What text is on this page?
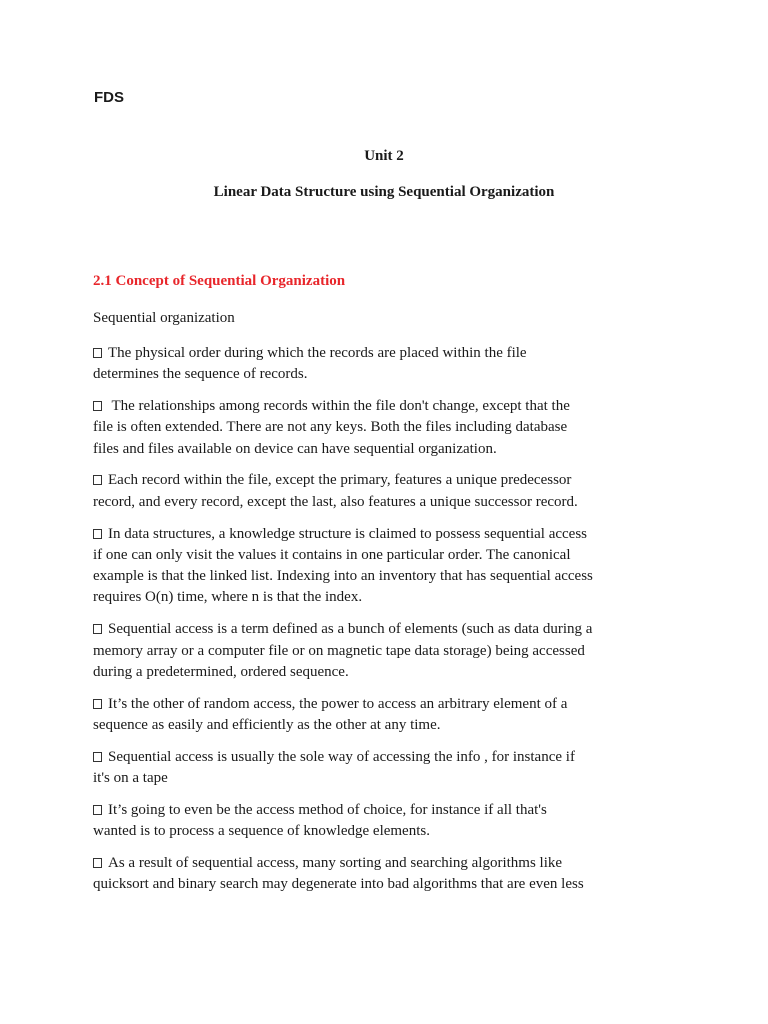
FDS
Unit 2
Linear Data Structure using Sequential Organization
2.1 Concept of Sequential Organization
Sequential organization
The physical order during which the records are placed within the file
determines the sequence of records.
The relationships among records within the file don't change, except that the
file is often extended. There are not any keys. Both the files including database
files and files available on device can have sequential organization.
Each record within the file, except the primary, features a unique predecessor
record, and every record, except the last, also features a unique successor record.
In data structures, a knowledge structure is claimed to possess sequential access
if one can only visit the values it contains in one particular order. The canonical
example is that the linked list. Indexing into an inventory that has sequential access
requires O(n) time, where n is that the index.
Sequential access is a term defined as a bunch of elements (such as data during a
memory array or a computer file or on magnetic tape data storage) being accessed
during a predetermined, ordered sequence.
It’s the other of random access, the power to access an arbitrary element of a
sequence as easily and efficiently as the other at any time.
Sequential access is usually the sole way of accessing the info , for instance if
it's on a tape
It’s going to even be the access method of choice, for instance if all that's
wanted is to process a sequence of knowledge elements.
As a result of sequential access, many sorting and searching algorithms like
quicksort and binary search may degenerate into bad algorithms that are even less
